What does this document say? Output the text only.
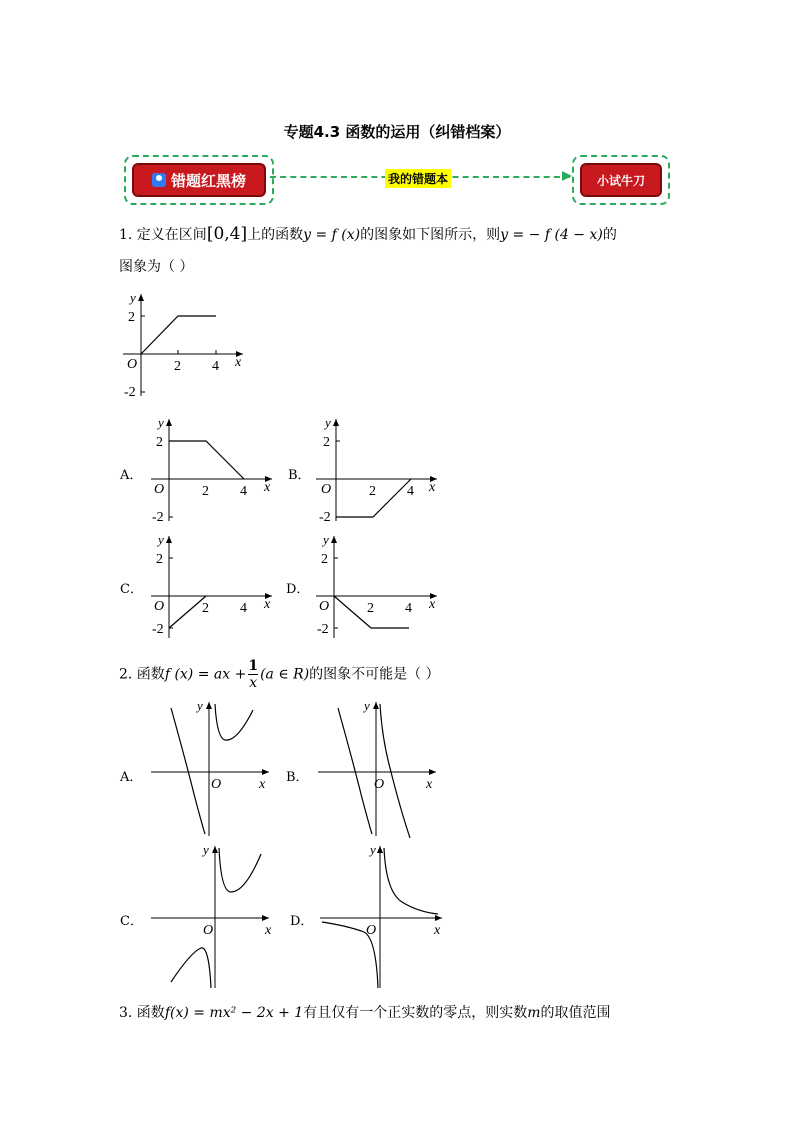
专题4.3 函数的运用（纠错档案）
错题红黑榜	我的错题本	小试牛刀
1. 定义在区间[0,4]上的函数y = f (x)的图象如下图所示，则y = − f (4 − x)的
图象为（ ）
2
-2
2 4
O	x
y
A．
2
-2
2 4
O	x
y
B．
2
-2
2 4
O	x
y
C．
2
-2
2 4
O	x
y
D．
2
-2
2 4
O	x
y
2. 函数f (x) = ax + $\frac{1}{x} (a$ ∈ R)的图象不可能是（ ）
A．	O	x
y
B．	O	x
y
C．
O	x
y
D．
O	x
y
3. 函数f(x) = mx² − 2x + 1有且仅有一个正实数的零点，则实数m的取值范围
